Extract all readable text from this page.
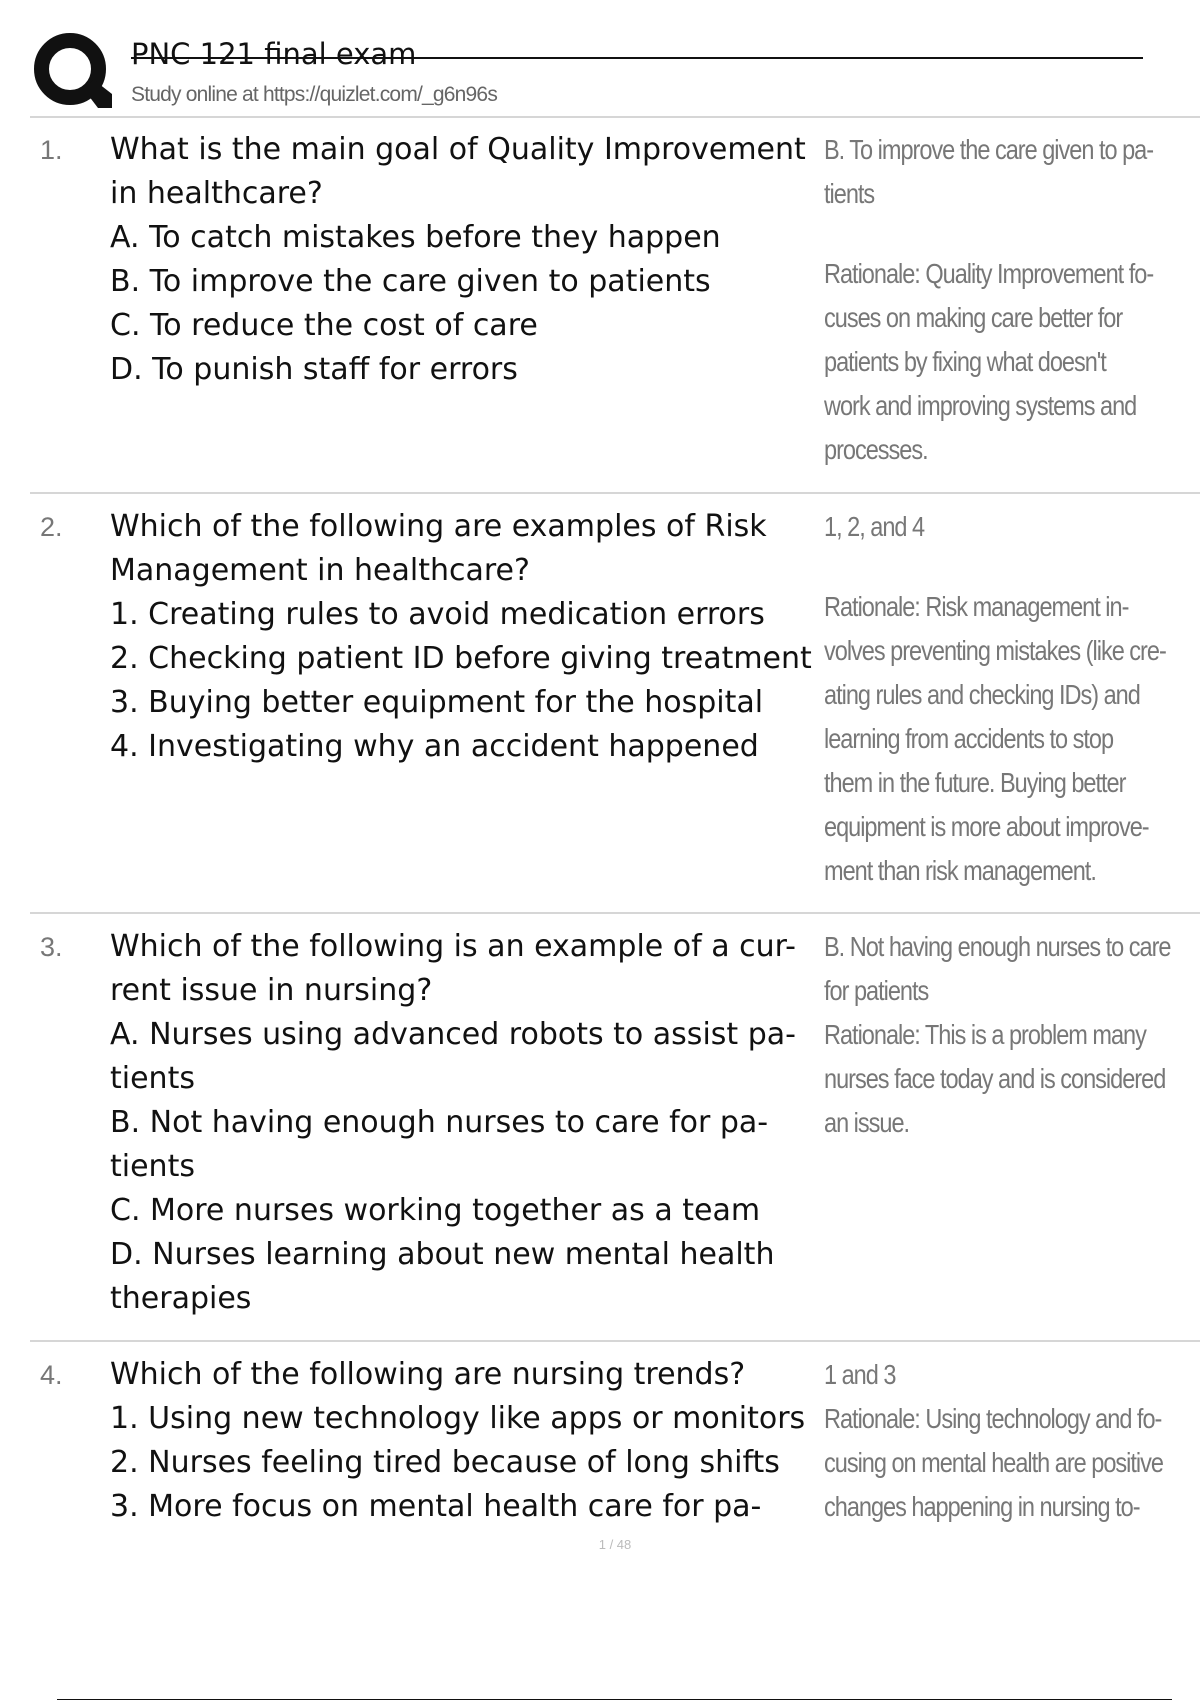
PNC 121 final exam
Study online at https://quizlet.com/_g6n96s
1. What is the main goal of Quality Improvement
in healthcare?
A. To catch mistakes before they happen
B. To improve the care given to patients
C. To reduce the cost of care
D. To punish staff for errors
B. To improve the care given to pa-
tients
Rationale: Quality Improvement fo-
cuses on making care better for
patients by fixing what doesn't
work and improving systems and
processes.
2. Which of the following are examples of Risk
Management in healthcare?
1. Creating rules to avoid medication errors
2. Checking patient ID before giving treatment
3. Buying better equipment for the hospital
4. Investigating why an accident happened
1, 2, and 4
Rationale: Risk management in-
volves preventing mistakes (like cre-
ating rules and checking IDs) and
learning from accidents to stop
them in the future. Buying better
equipment is more about improve-
ment than risk management.
3. Which of the following is an example of a cur-
rent issue in nursing?
A. Nurses using advanced robots to assist pa-
tients
B. Not having enough nurses to care for pa-
tients
C. More nurses working together as a team
D. Nurses learning about new mental health
therapies
B. Not having enough nurses to care
for patients
Rationale: This is a problem many
nurses face today and is considered
an issue.
4. Which of the following are nursing trends?
1. Using new technology like apps or monitors
2. Nurses feeling tired because of long shifts
3. More focus on mental health care for pa-
1 and 3
Rationale: Using technology and fo-
cusing on mental health are positive
changes happening in nursing to-
1 / 48
